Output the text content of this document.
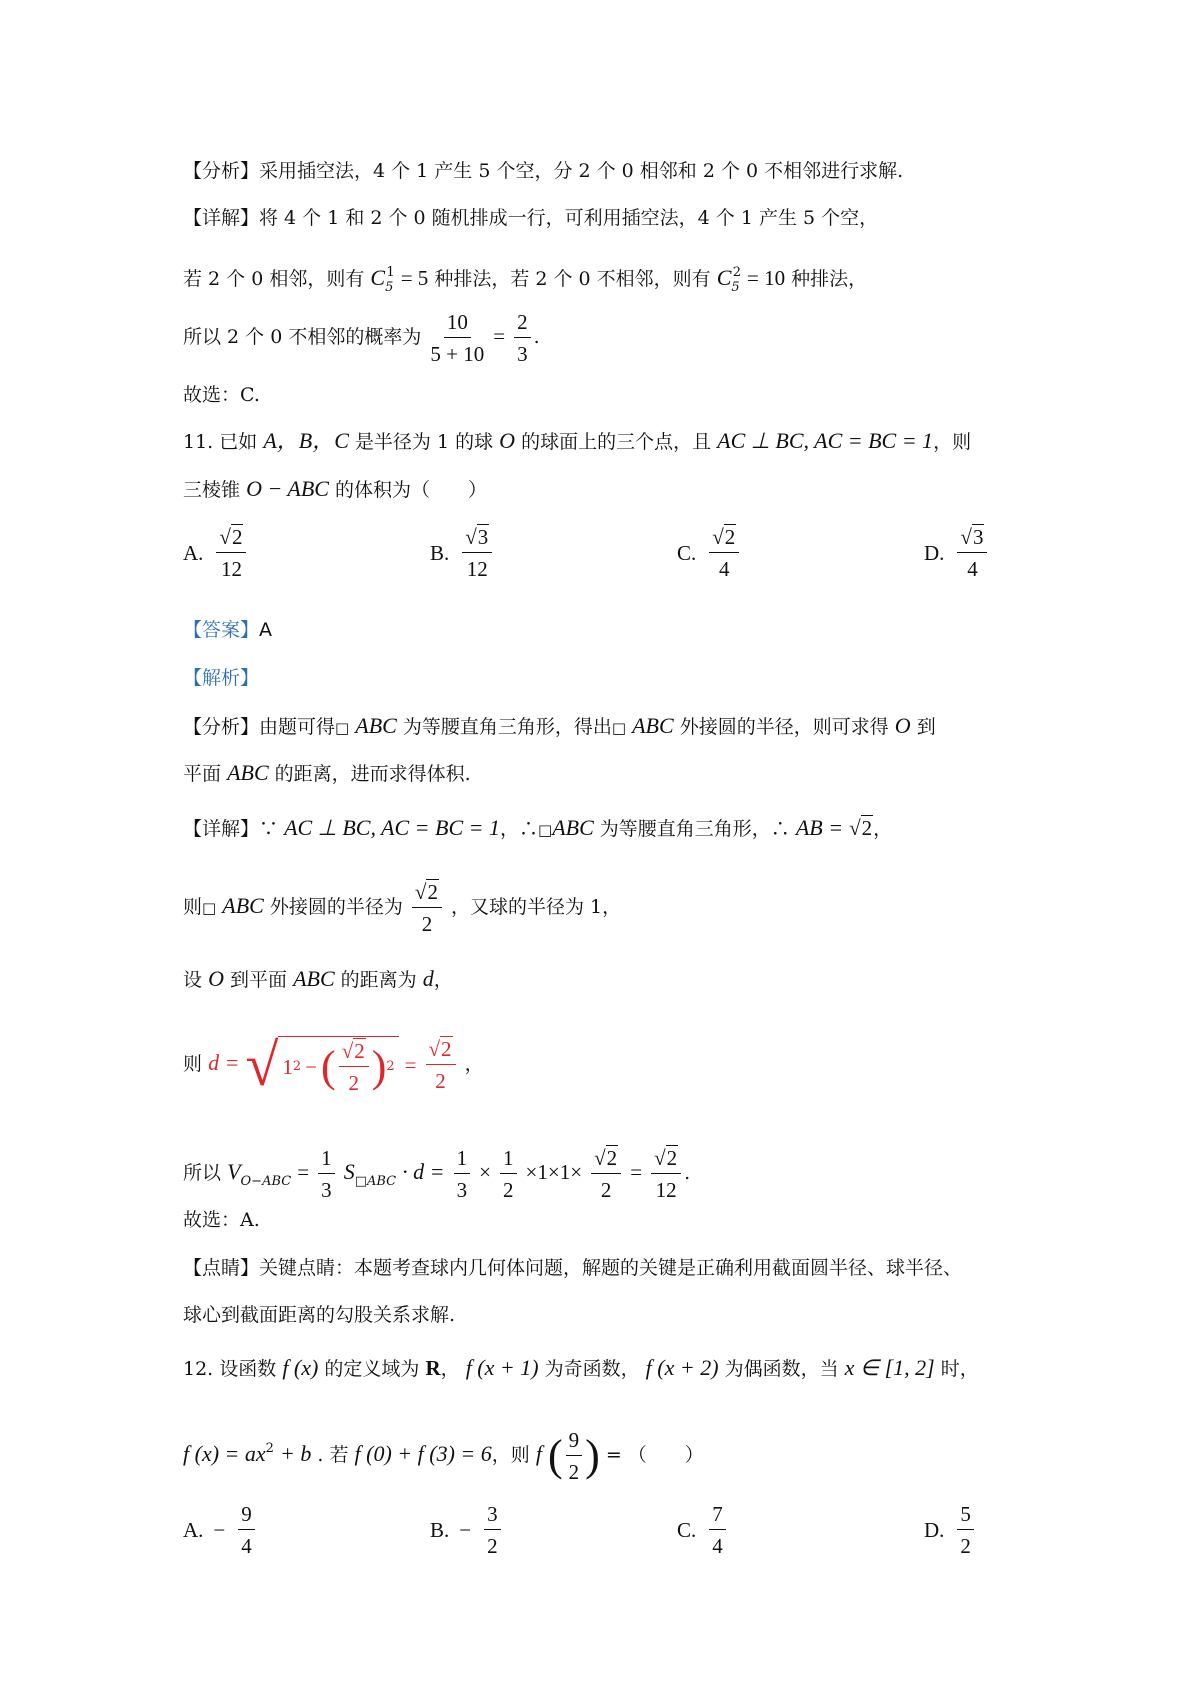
【分析】采用插空法，4 个 1 产生 5 个空，分 2 个 0 相邻和 2 个 0 不相邻进行求解.
【详解】将 4 个 1 和 2 个 0 随机排成一行，可利用插空法，4 个 1 产生 5 个空，
若 2 个 0 相邻，则有 $C_5^1 = 5$ 种排法，若 2 个 0 不相邻，则有 $C_5^2 = 10$ 种排法，
所以 2 个 0 不相邻的概率为 $\frac{10}{5 + 10} = \frac{2}{3}$ .
故选：C.
11. 已如 A，B，C 是半径为 1 的球 O 的球面上的三个点，且 AC ⊥ BC, AC = BC = 1，则
三棱锥 O − ABC 的体积为（　　）
A. $\frac{√2}{12}$	B. $\frac{√3}{12}$	C. $\frac{√2}{4}$	D. $\frac{√3}{4}$
【答案】A
【解析】
【分析】由题可得□ ABC 为等腰直角三角形，得出□ ABC 外接圆的半径，则可求得 O 到
平面 ABC 的距离，进而求得体积.
【详解】∵ AC ⊥ BC, AC = BC = 1，∴□ABC 为等腰直角三角形，∴ AB = √2，
则□ ABC 外接圆的半径为 $\frac{√2}{2}$ ，又球的半径为 1，
设 O 到平面 ABC 的距离为 d，
则 d = √ 1 2 − ( $\frac{√2}{2}$ ) $2 = \frac{√2}{2}$ ，
所以 $V_{O-ABC} = \frac{1}{3} S_{□ABC} \cdot d = \frac{1}{3} \times \frac{1}{2} \times 1\times 1\times \frac{√2}{2} = \frac{√2}{12}$ .
故选：A.
【点睛】关键点睛：本题考查球内几何体问题，解题的关键是正确利用截面圆半径、球半径、
球心到截面距离的勾股关系求解.
12. 设函数 f (x) 的定义域为 R， f (x + 1) 为奇函数， f (x + 2) 为偶函数，当 x ∈ [1, 2] 时，
f $(x) = ax^2 + b$ . 若 f (0) + f (3) = 6，则 f ( $\frac{9}{2}$ ) = （　　）
A. − $\frac{9}{4}$	B. − $\frac{3}{2}$	C. $\frac{7}{4}$	D. $\frac{5}{2}$
